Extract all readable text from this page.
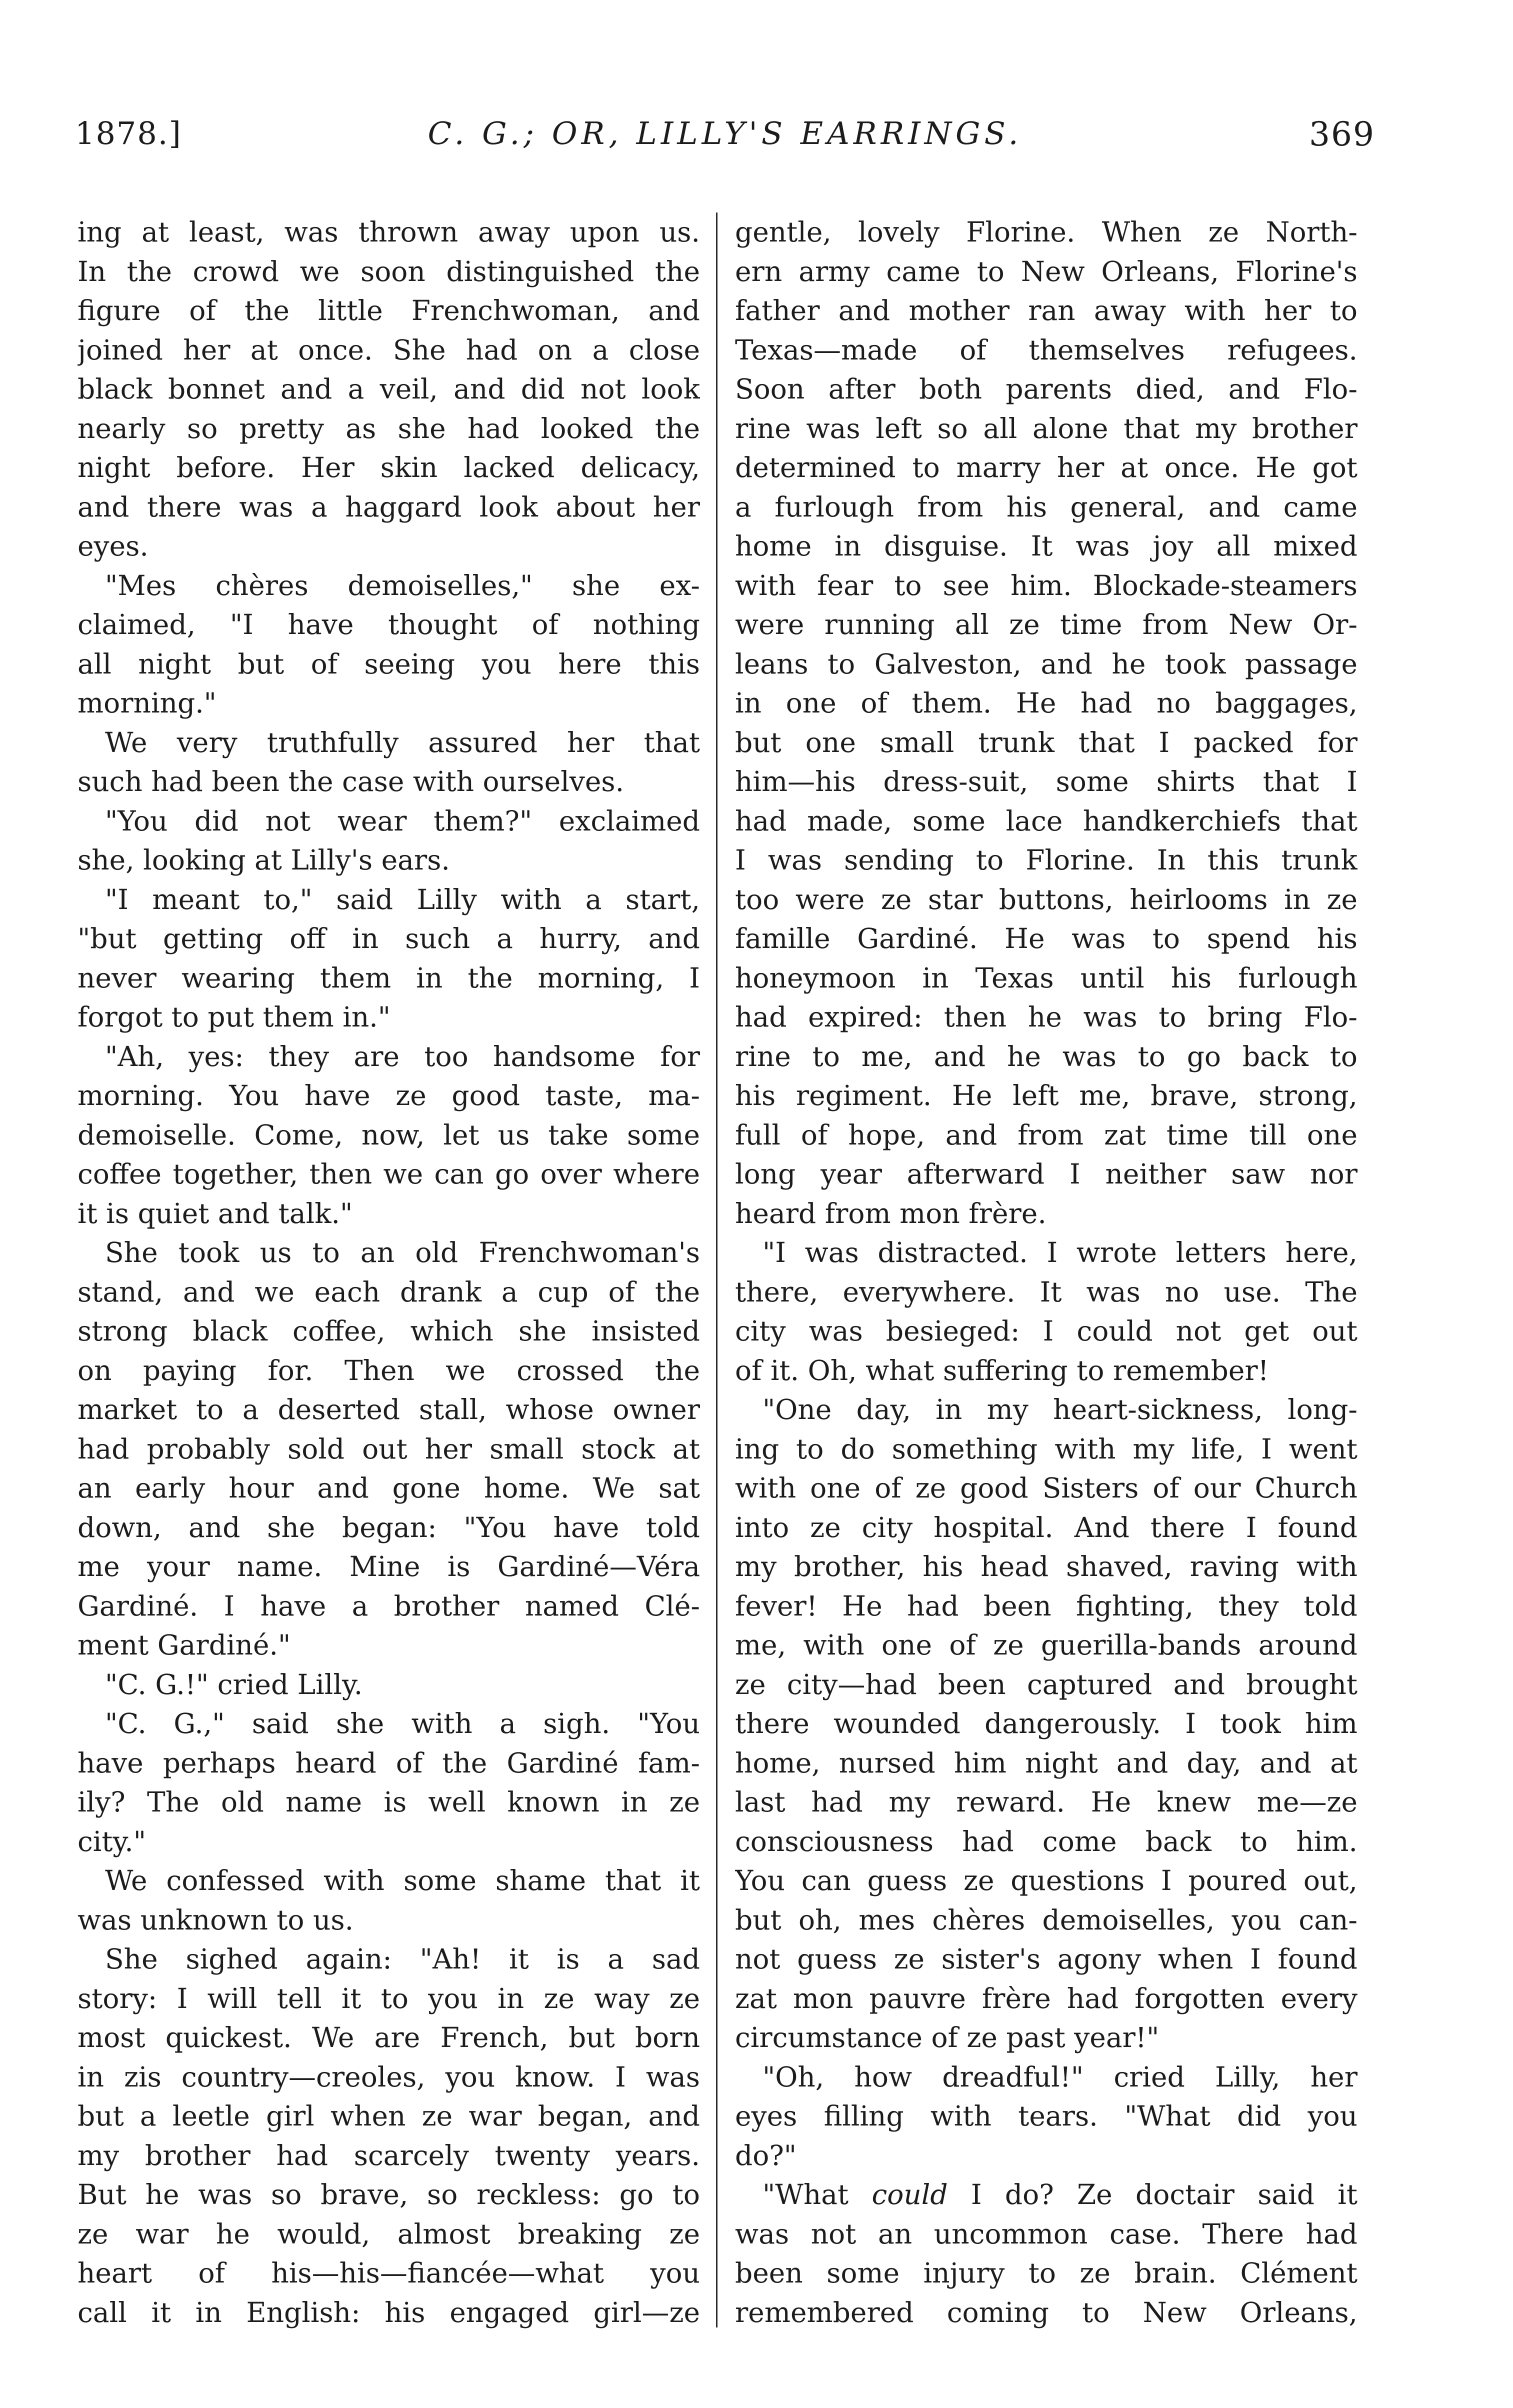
1878.]	C. G.; OR, LILLY'S EARRINGS.	369
ing at least, was thrown away upon us.
In the crowd we soon distinguished the
figure of the little Frenchwoman, and
joined her at once. She had on a close
black bonnet and a veil, and did not look
nearly so pretty as she had looked the
night before. Her skin lacked delicacy,
and there was a haggard look about her
eyes.
"Mes chères demoiselles," she ex-
claimed, "I have thought of nothing
all night but of seeing you here this
morning."
We very truthfully assured her that
such had been the case with ourselves.
"You did not wear them?" exclaimed
she, looking at Lilly's ears.
"I meant to," said Lilly with a start,
"but getting off in such a hurry, and
never wearing them in the morning, I
forgot to put them in."
"Ah, yes: they are too handsome for
morning. You have ze good taste, ma-
demoiselle. Come, now, let us take some
coffee together, then we can go over where
it is quiet and talk."
She took us to an old Frenchwoman's
stand, and we each drank a cup of the
strong black coffee, which she insisted
on paying for. Then we crossed the
market to a deserted stall, whose owner
had probably sold out her small stock at
an early hour and gone home. We sat
down, and she began: "You have told
me your name. Mine is Gardiné—Véra
Gardiné. I have a brother named Clé-
ment Gardiné."
"C. G.!" cried Lilly.
"C. G.," said she with a sigh. "You
have perhaps heard of the Gardiné fam-
ily? The old name is well known in ze
city."
We confessed with some shame that it
was unknown to us.
She sighed again: "Ah! it is a sad
story: I will tell it to you in ze way ze
most quickest. We are French, but born
in zis country—creoles, you know. I was
but a leetle girl when ze war began, and
my brother had scarcely twenty years.
But he was so brave, so reckless: go to
ze war he would, almost breaking ze
heart of his—his—fiancée—what you
call it in English: his engaged girl—ze
gentle, lovely Florine. When ze North-
ern army came to New Orleans, Florine's
father and mother ran away with her to
Texas—made of themselves refugees.
Soon after both parents died, and Flo-
rine was left so all alone that my brother
determined to marry her at once. He got
a furlough from his general, and came
home in disguise. It was joy all mixed
with fear to see him. Blockade-steamers
were running all ze time from New Or-
leans to Galveston, and he took passage
in one of them. He had no baggages,
but one small trunk that I packed for
him—his dress-suit, some shirts that I
had made, some lace handkerchiefs that
I was sending to Florine. In this trunk
too were ze star buttons, heirlooms in ze
famille Gardiné. He was to spend his
honeymoon in Texas until his furlough
had expired: then he was to bring Flo-
rine to me, and he was to go back to
his regiment. He left me, brave, strong,
full of hope, and from zat time till one
long year afterward I neither saw nor
heard from mon frère.
"I was distracted. I wrote letters here,
there, everywhere. It was no use. The
city was besieged: I could not get out
of it. Oh, what suffering to remember!
"One day, in my heart-sickness, long-
ing to do something with my life, I went
with one of ze good Sisters of our Church
into ze city hospital. And there I found
my brother, his head shaved, raving with
fever! He had been fighting, they told
me, with one of ze guerilla-bands around
ze city—had been captured and brought
there wounded dangerously. I took him
home, nursed him night and day, and at
last had my reward. He knew me—ze
consciousness had come back to him.
You can guess ze questions I poured out,
but oh, mes chères demoiselles, you can-
not guess ze sister's agony when I found
zat mon pauvre frère had forgotten every
circumstance of ze past year!"
"Oh, how dreadful!" cried Lilly, her
eyes filling with tears. "What did you
do?"
"What could I do? Ze doctair said it
was not an uncommon case. There had
been some injury to ze brain. Clément
remembered coming to New Orleans,
